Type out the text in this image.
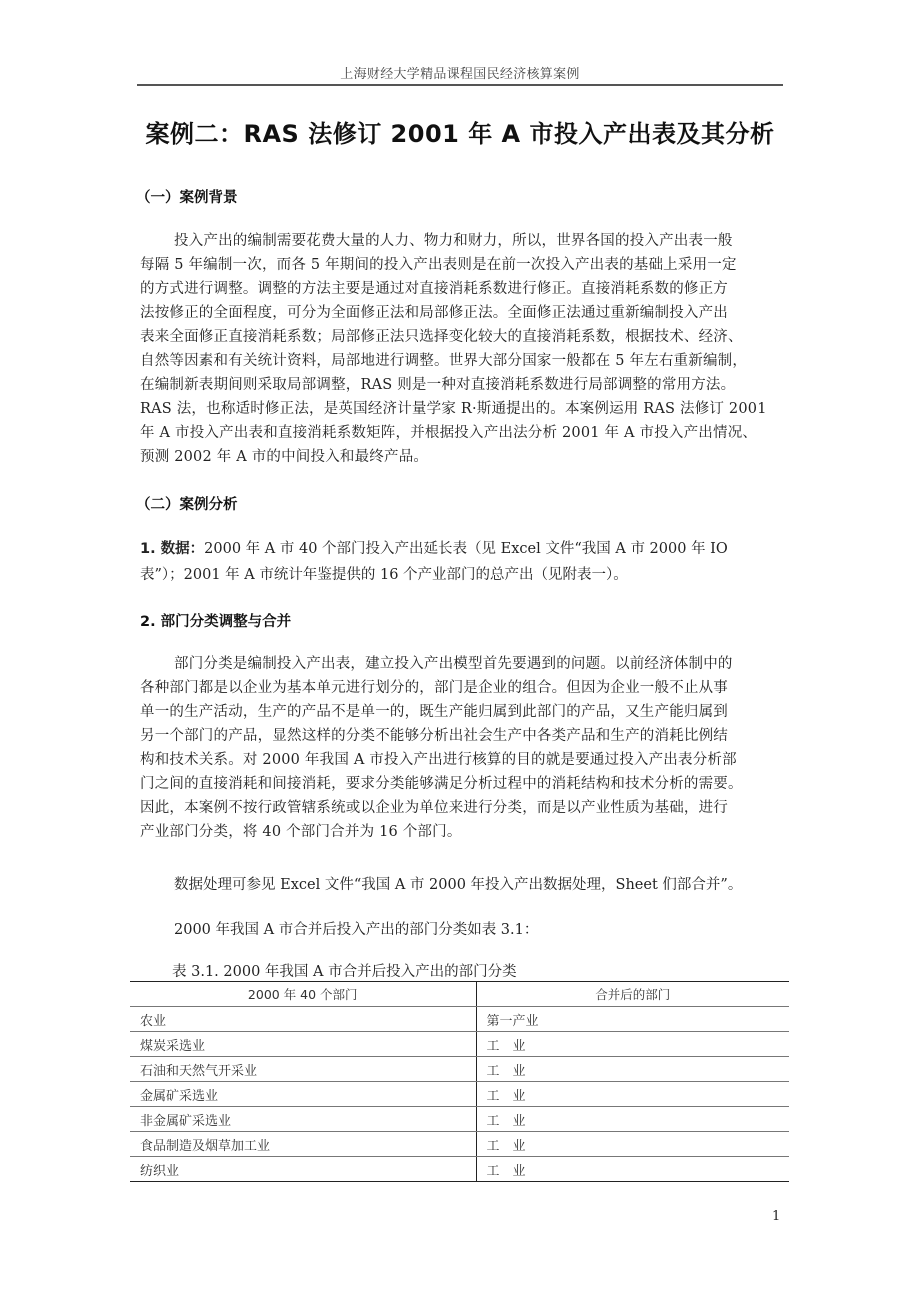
上海财经大学精品课程国民经济核算案例
案例二：RAS 法修订 2001 年 A 市投入产出表及其分析
（一）案例背景
投入产出的编制需要花费大量的人力、物力和财力，所以，世界各国的投入产出表一般
每隔 5 年编制一次，而各 5 年期间的投入产出表则是在前一次投入产出表的基础上采用一定
的方式进行调整。调整的方法主要是通过对直接消耗系数进行修正。直接消耗系数的修正方
法按修正的全面程度，可分为全面修正法和局部修正法。全面修正法通过重新编制投入产出
表来全面修正直接消耗系数；局部修正法只选择变化较大的直接消耗系数，根据技术、经济、
自然等因素和有关统计资料，局部地进行调整。世界大部分国家一般都在 5 年左右重新编制，
在编制新表期间则采取局部调整，RAS 则是一种对直接消耗系数进行局部调整的常用方法。
RAS 法，也称适时修正法，是英国经济计量学家 R·斯通提出的。本案例运用 RAS 法修订 2001
年 A 市投入产出表和直接消耗系数矩阵，并根据投入产出法分析 2001 年 A 市投入产出情况、
预测 2002 年 A 市的中间投入和最终产品。
（二）案例分析
1. 数据：2000 年 A 市 40 个部门投入产出延长表（见 Excel 文件“我国 A 市 2000 年 IO
表”）；2001 年 A 市统计年鉴提供的 16 个产业部门的总产出（见附表一）。
2. 部门分类调整与合并
部门分类是编制投入产出表，建立投入产出模型首先要遇到的问题。以前经济体制中的
各种部门都是以企业为基本单元进行划分的，部门是企业的组合。但因为企业一般不止从事
单一的生产活动，生产的产品不是单一的，既生产能归属到此部门的产品，又生产能归属到
另一个部门的产品，显然这样的分类不能够分析出社会生产中各类产品和生产的消耗比例结
构和技术关系。对 2000 年我国 A 市投入产出进行核算的目的就是要通过投入产出表分析部
门之间的直接消耗和间接消耗，要求分类能够满足分析过程中的消耗结构和技术分析的需要。
因此，本案例不按行政管辖系统或以企业为单位来进行分类，而是以产业性质为基础，进行
产业部门分类，将 40 个部门合并为 16 个部门。
数据处理可参见 Excel 文件“我国 A 市 2000 年投入产出数据处理，Sheet 们部合并”。
2000 年我国 A 市合并后投入产出的部门分类如表 3.1：
表 3.1. 2000 年我国 A 市合并后投入产出的部门分类
2000 年 40 个部门	合并后的部门
农业	第一产业
煤炭采选业	工　业
石油和天然气开采业	工　业
金属矿采选业	工　业
非金属矿采选业	工　业
食品制造及烟草加工业	工　业
纺织业	工　业
1
